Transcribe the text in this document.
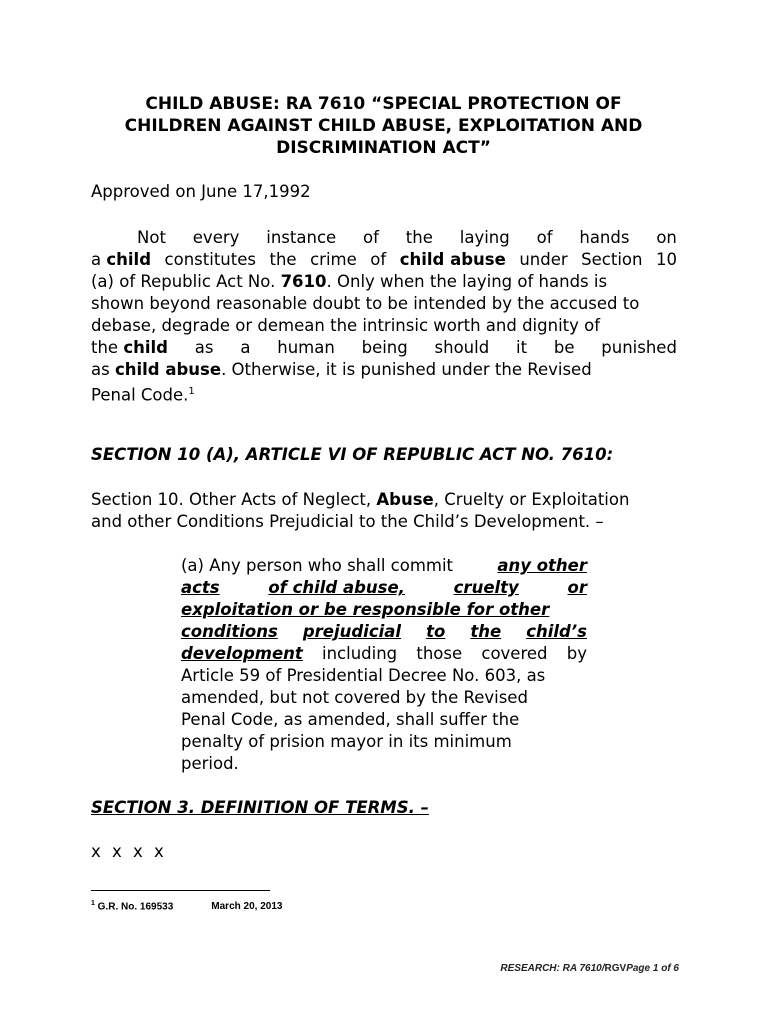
CHILD ABUSE: RA 7610 “SPECIAL PROTECTION OF
CHILDREN AGAINST CHILD ABUSE, EXPLOITATION AND
DISCRIMINATION ACT”
Approved on June 17,1992
Not every instance of the laying of hands on
a child constitutes the crime of child abuse under Section 10
(a) of Republic Act No. 7610. Only when the laying of hands is
shown beyond reasonable doubt to be intended by the accused to
debase, degrade or demean the intrinsic worth and dignity of
the child as a human being should it be punished
as child abuse. Otherwise, it is punished under the Revised
Penal Code.$^1$
SECTION 10 (A), ARTICLE VI OF REPUBLIC ACT NO. 7610:
Section 10. Other Acts of Neglect, Abuse, Cruelty or Exploitation
and other Conditions Prejudicial to the Child’s Development. –
(a) Any person who shall commit any other
acts	of child abuse,	cruelty	or
exploitation or be responsible for other
conditions prejudicial to the child’s
development including those covered by
Article 59 of Presidential Decree No. 603, as
amended, but not covered by the Revised
Penal Code, as amended, shall suffer the
penalty of prision mayor in its minimum
period.
SECTION 3. DEFINITION OF TERMS. –
x x x x
$^1$ G.R. No. 169533	March 20, 2013
RESEARCH: RA 7610/RGVPage 1 of 6
